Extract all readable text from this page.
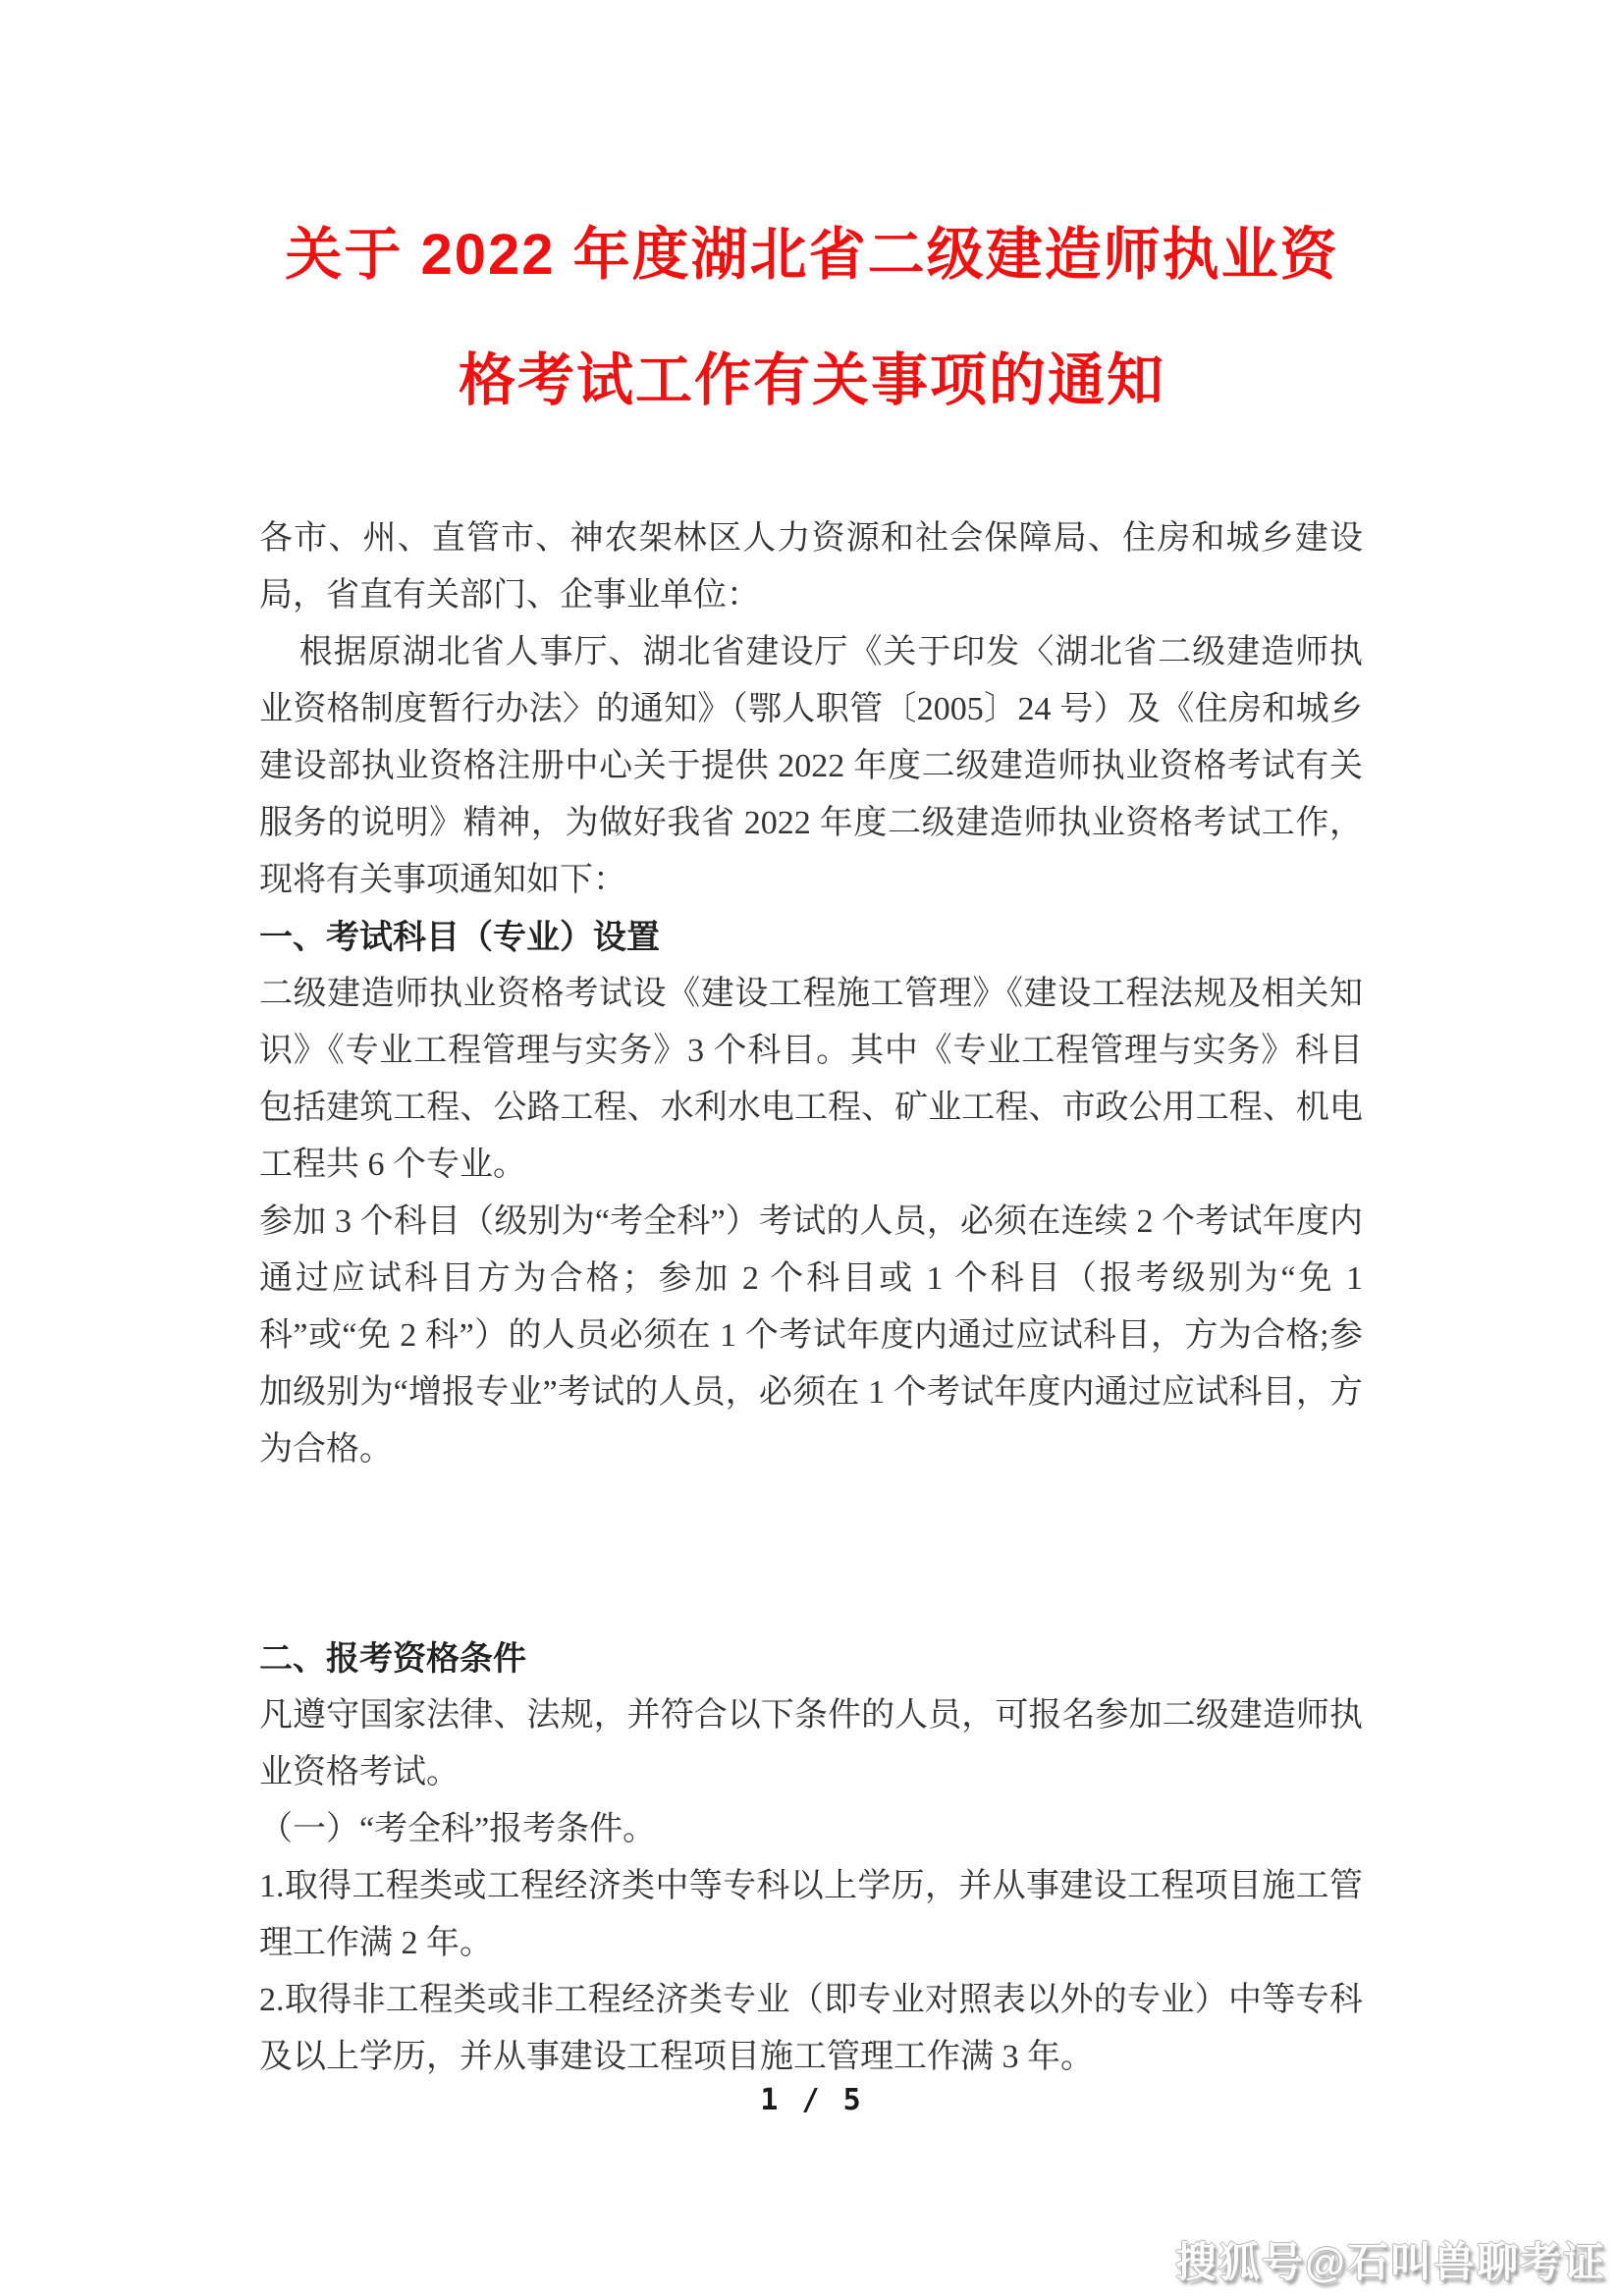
关于 2022 年度湖北省二级建造师执业资
格考试工作有关事项的通知

各市、州、直管市、神农架林区人力资源和社会保障局、住房和城乡建设局，省直有关部门、企事业单位：

根据原湖北省人事厅、湖北省建设厅《关于印发〈湖北省二级建造师执业资格制度暂行办法〉的通知》（鄂人职管〔2005〕24 号）及《住房和城乡建设部执业资格注册中心关于提供 2022 年度二级建造师执业资格考试有关服务的说明》精神，为做好我省 2022 年度二级建造师执业资格考试工作，现将有关事项通知如下：

一、考试科目（专业）设置

二级建造师执业资格考试设《建设工程施工管理》《建设工程法规及相关知识》《专业工程管理与实务》3 个科目。其中《专业工程管理与实务》科目包括建筑工程、公路工程、水利水电工程、矿业工程、市政公用工程、机电工程共 6 个专业。

参加 3 个科目（级别为“考全科”）考试的人员，必须在连续 2 个考试年度内通过应试科目方为合格；参加 2 个科目或 1 个科目（报考级别为“免 1 科”或“免 2 科”）的人员必须在 1 个考试年度内通过应试科目，方为合格;参加级别为“增报专业”考试的人员，必须在 1 个考试年度内通过应试科目，方为合格。

二、报考资格条件

凡遵守国家法律、法规，并符合以下条件的人员，可报名参加二级建造师执业资格考试。

（一）“考全科”报考条件。

1.取得工程类或工程经济类中等专科以上学历，并从事建设工程项目施工管理工作满 2 年。

2.取得非工程类或非工程经济类专业（即专业对照表以外的专业）中等专科及以上学历，并从事建设工程项目施工管理工作满 3 年。

1 / 5
搜狐号@石叫兽聊考证
